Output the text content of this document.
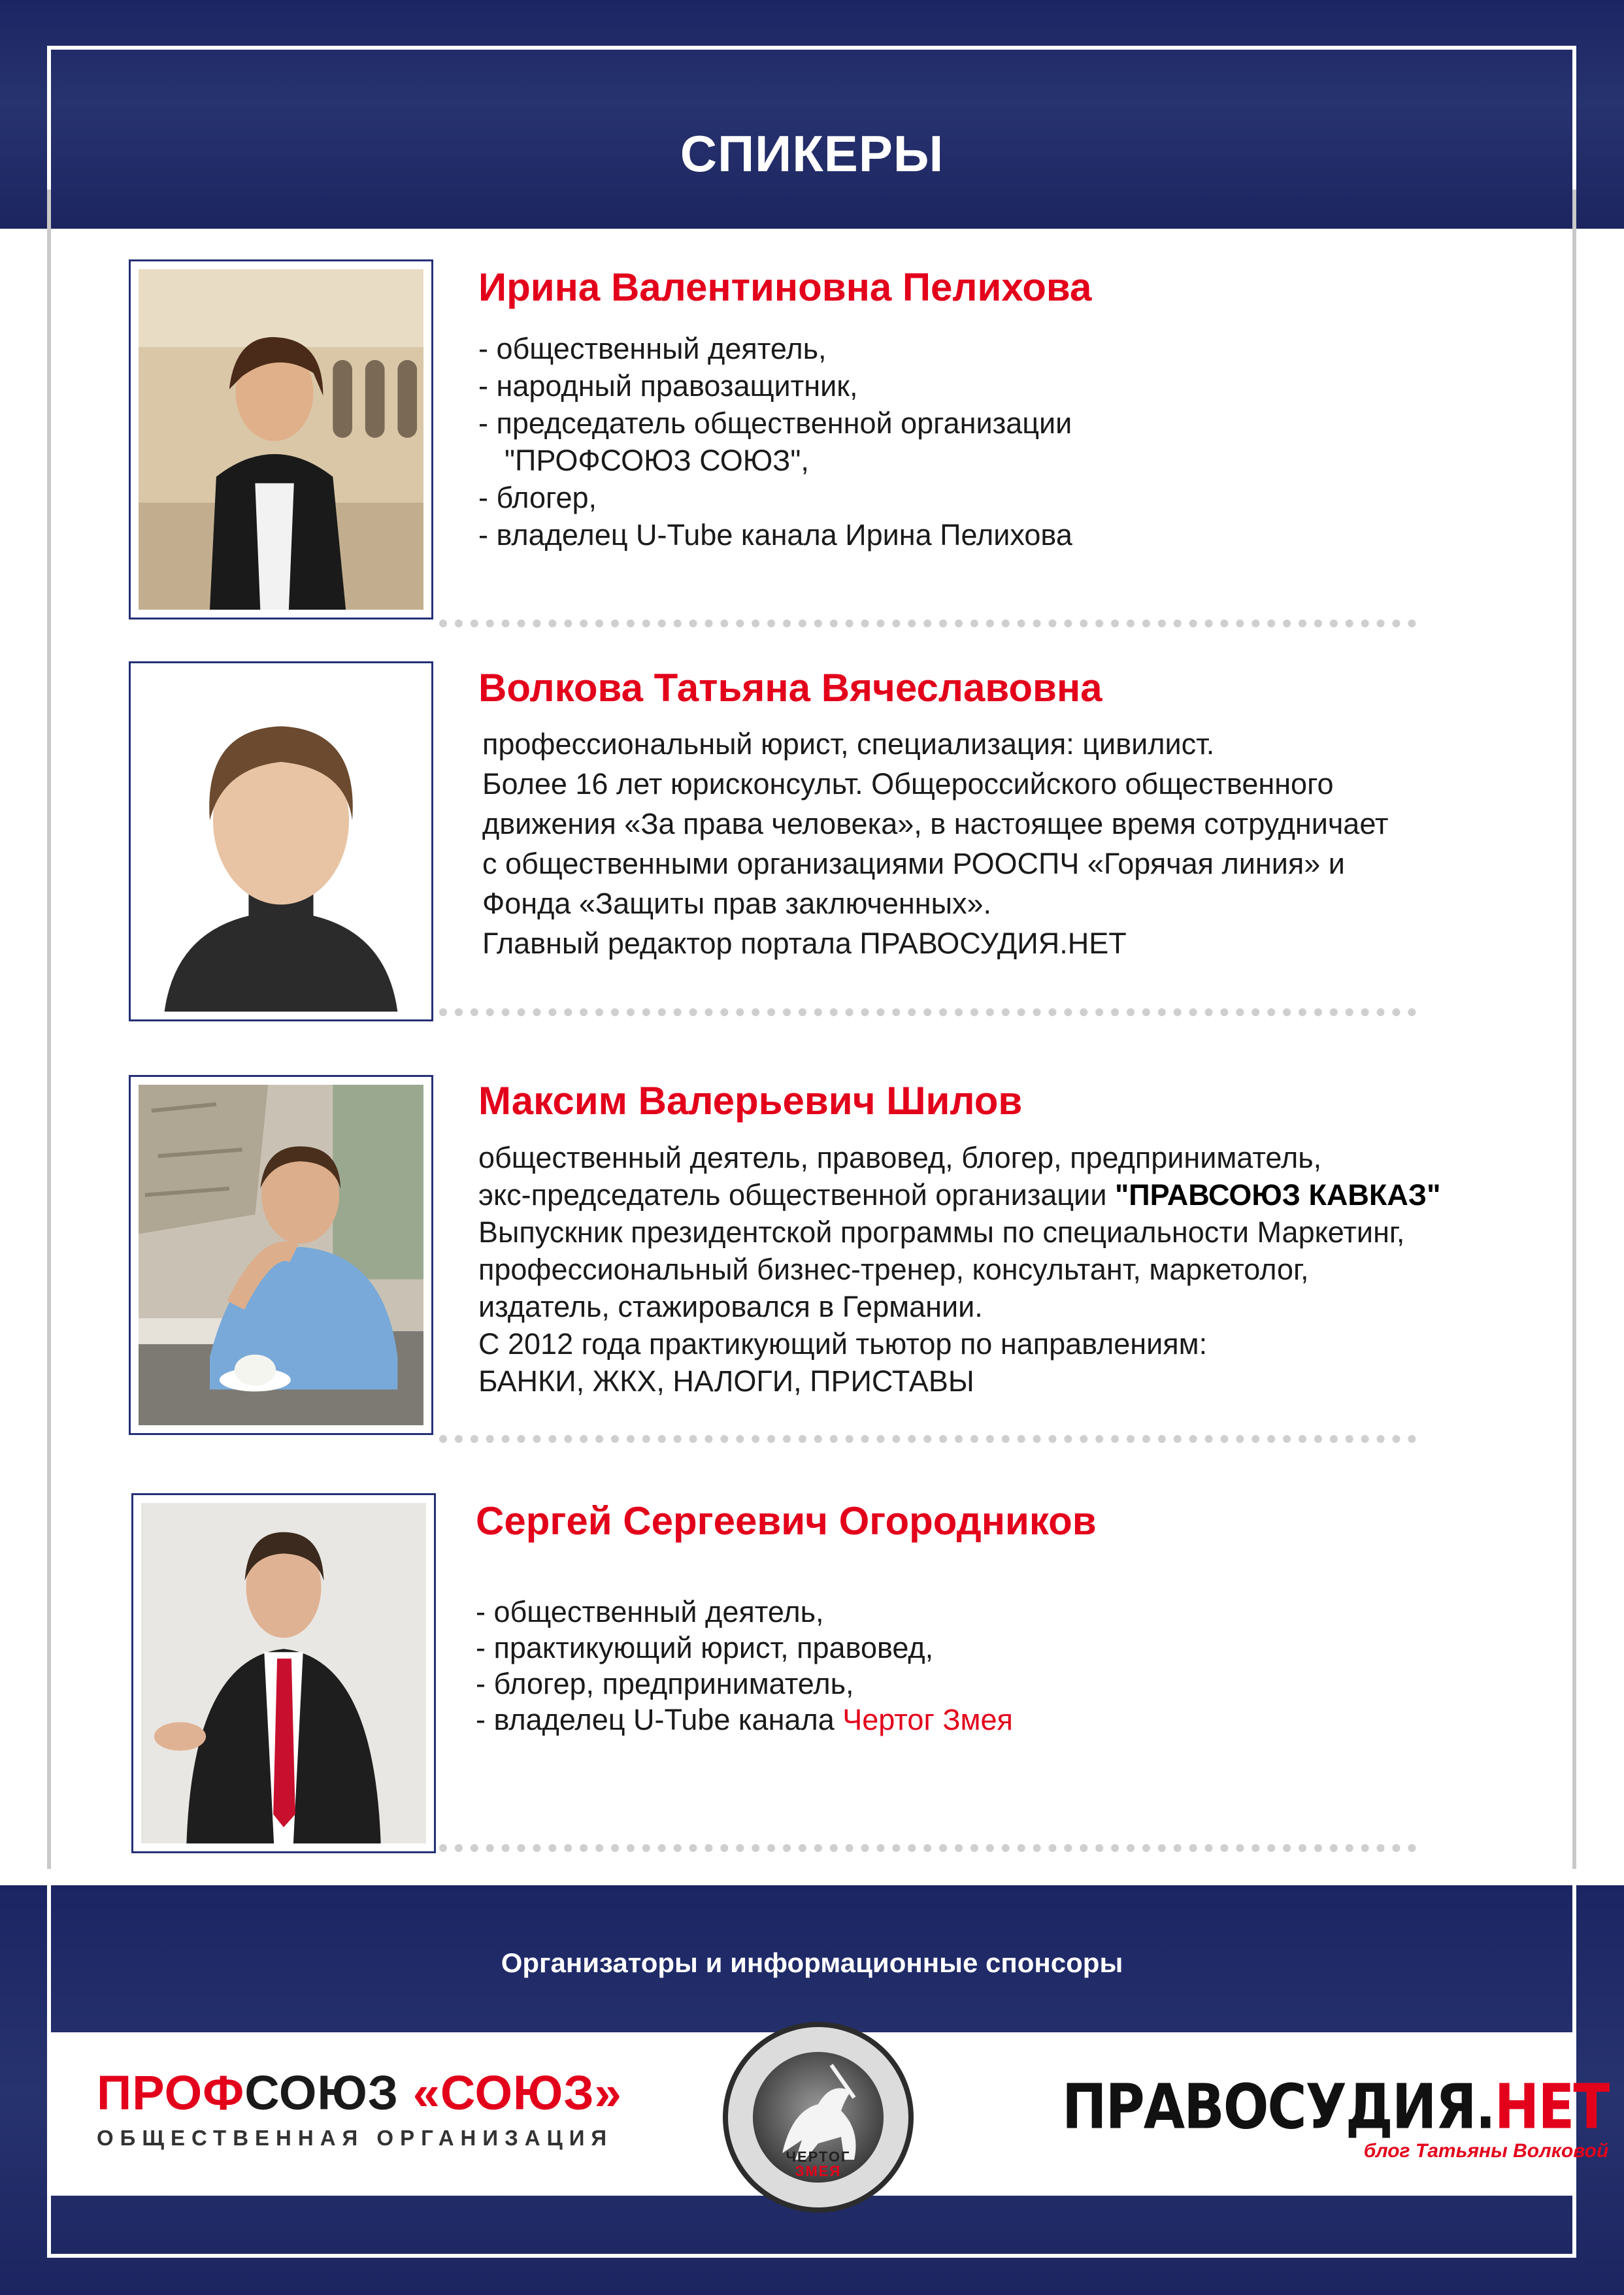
СПИКЕРЫ
Ирина Валентиновна Пелихова
- общественный деятель,
- народный правозащитник,
- председатель общественной организации
"ПРОФСОЮЗ СОЮЗ",
- блогер,
- владелец U-Tube канала Ирина Пелихова
Волкова Татьяна Вячеславовна
профессиональный юрист, специализация: цивилист.
Более 16 лет юрисконсульт. Общероссийского общественного
движения «За права человека», в настоящее время сотрудничает
с общественными организациями РООСПЧ «Горячая линия» и
Фонда «Защиты прав заключенных».
Главный редактор портала ПРАВОСУДИЯ.НЕТ
Максим Валерьевич Шилов
общественный деятель, правовед, блогер, предприниматель,
экс-председатель общественной организации "ПРАВСОЮЗ КАВКАЗ"
Выпускник президентской программы по специальности Маркетинг,
профессиональный бизнес-тренер, консультант, маркетолог,
издатель, стажировался в Германии.
С 2012 года практикующий тьютор по направлениям:
БАНКИ, ЖКХ, НАЛОГИ, ПРИСТАВЫ
Сергей Сергеевич Огородников
- общественный деятель,
- практикующий юрист, правовед,
- блогер, предприниматель,
- владелец U-Tube канала Чертог Змея
Организаторы и информационные спонсоры
ПРОФСОЮЗ «СОЮЗ»
ОБЩЕСТВЕННАЯ ОРГАНИЗАЦИЯ
ЧЕРТОГ
ЗМЕЯ
ПРАВОСУДИЯ.НЕТ
блог Татьяны Волковой
